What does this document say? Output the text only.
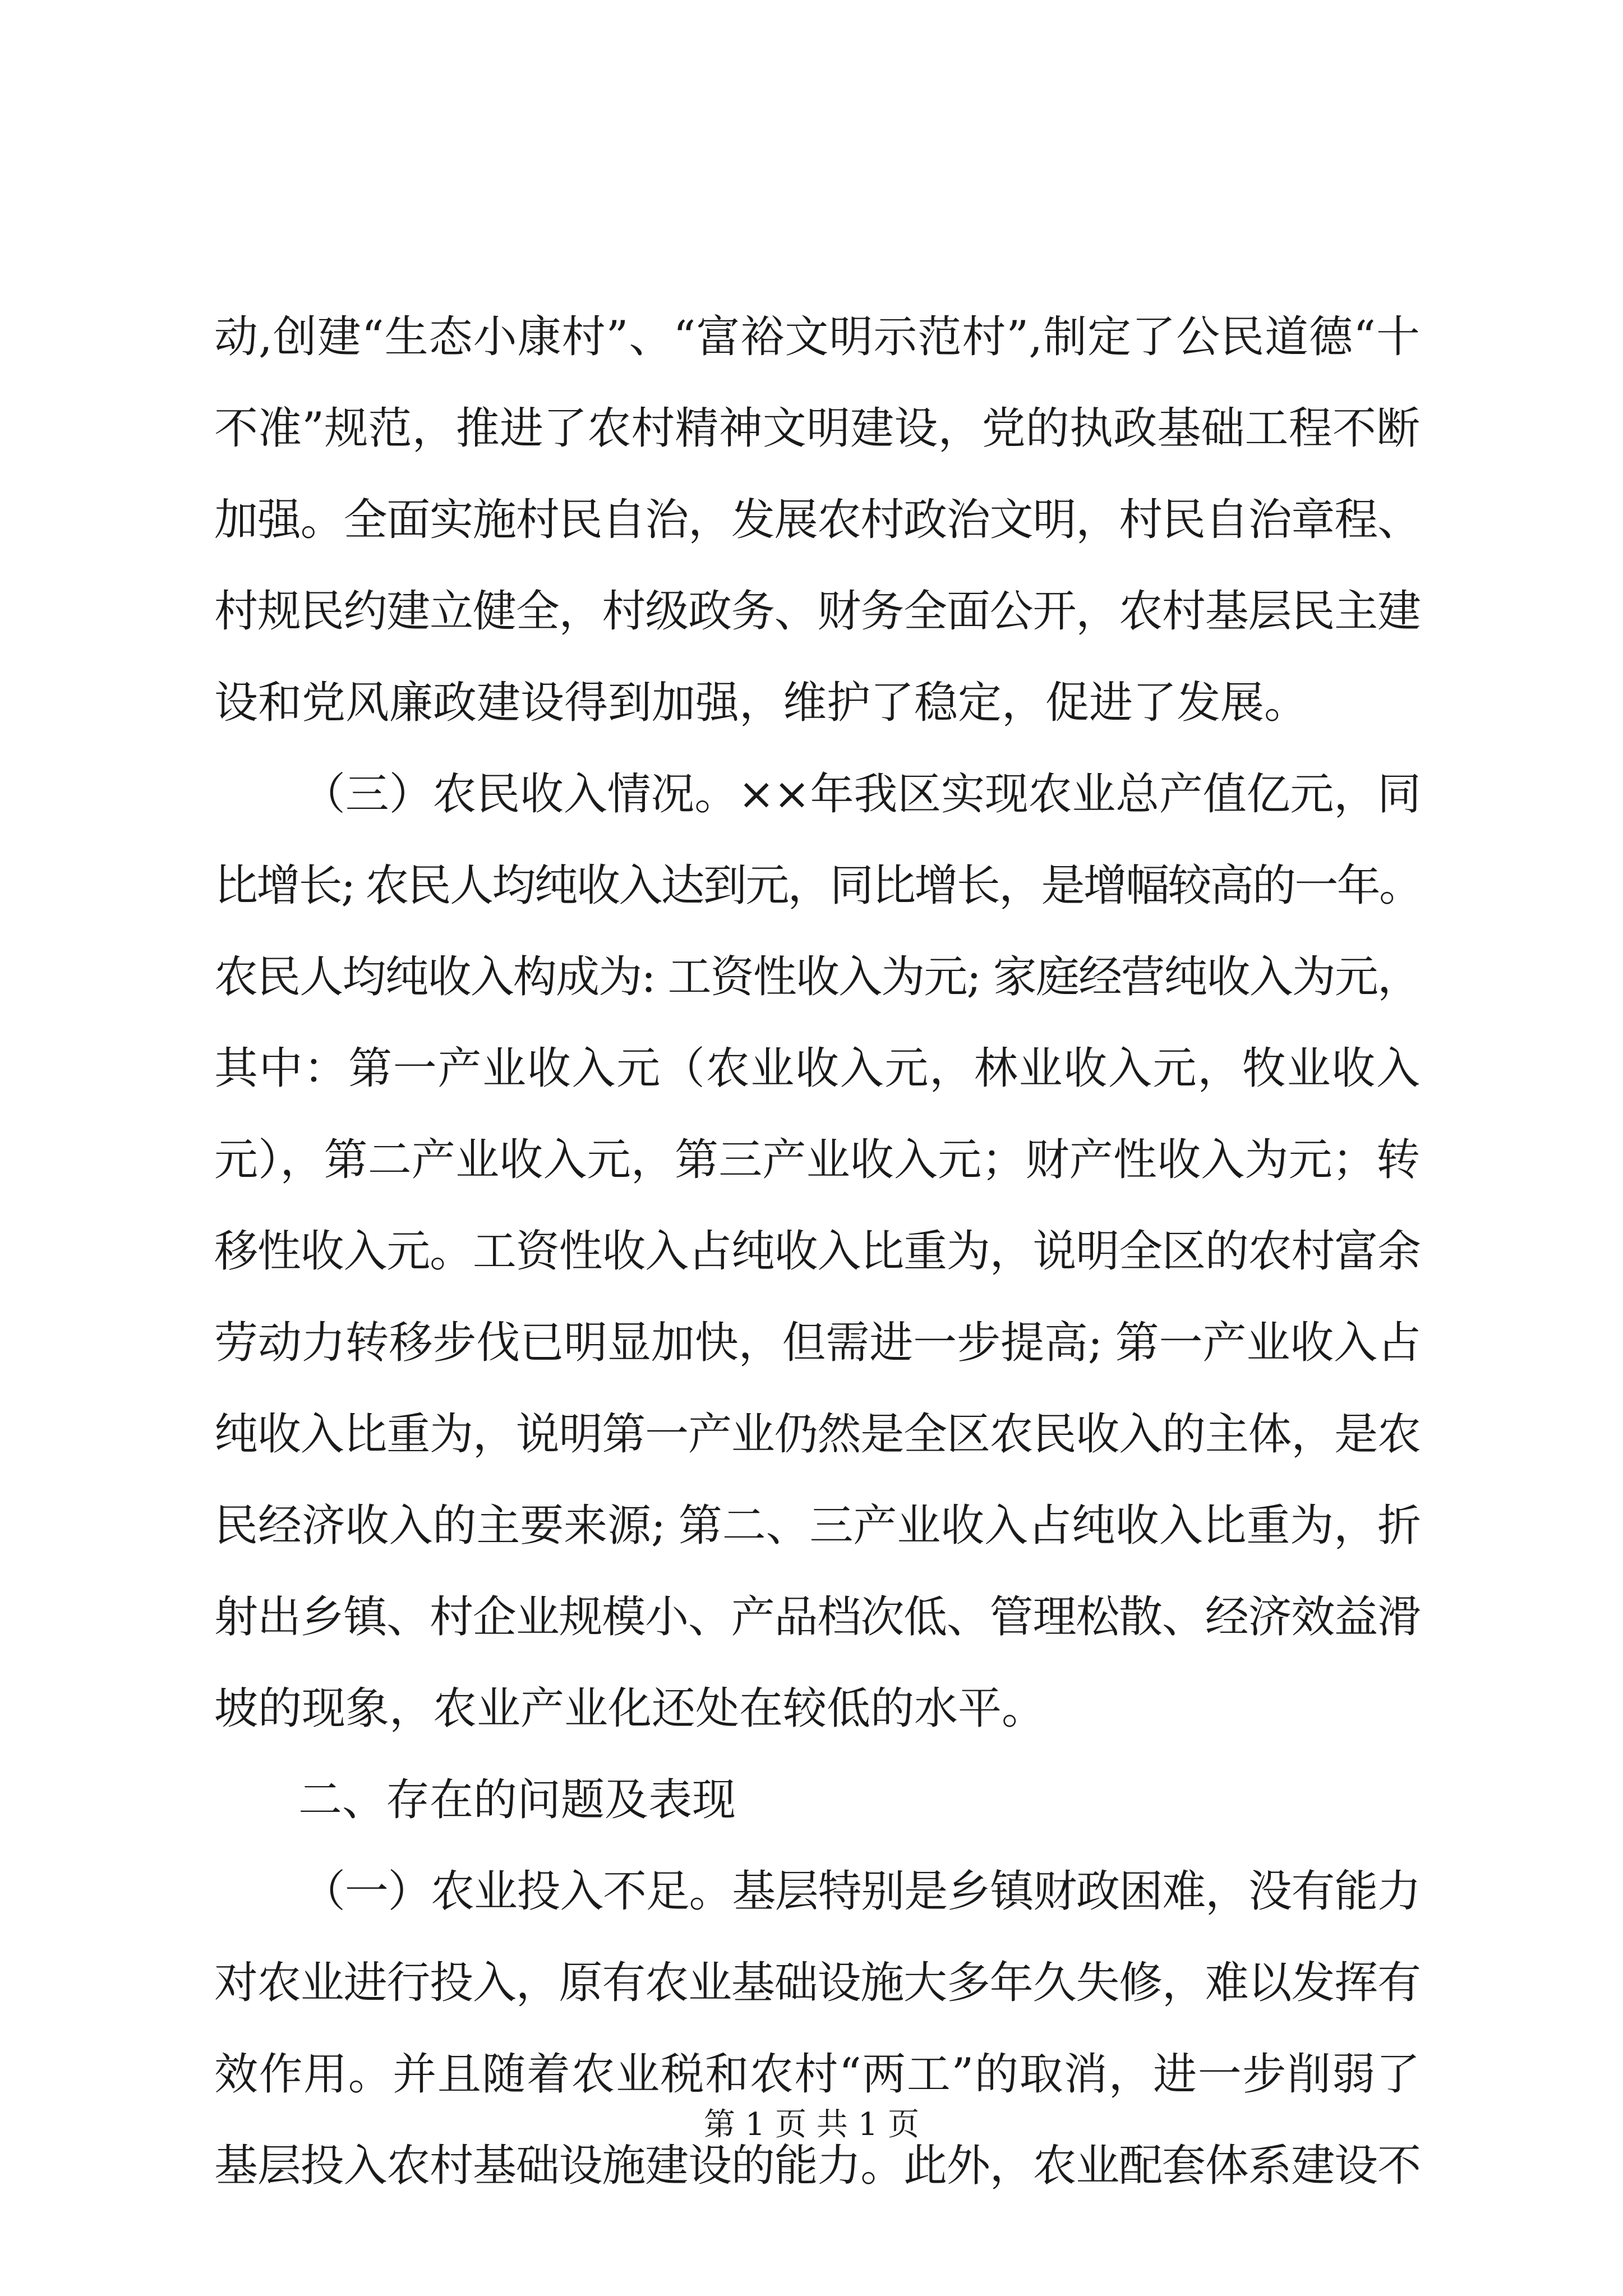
动,创建“生态小康村”、“富裕文明示范村”,制定了公民道德“十
不准”规范，推进了农村精神文明建设，党的执政基础工程不断
加强。全面实施村民自治，发展农村政治文明，村民自治章程、
村规民约建立健全，村级政务、财务全面公开，农村基层民主建
设和党风廉政建设得到加强，维护了稳定，促进了发展。
（三）农民收入情况。××年我区实现农业总产值亿元，同
比增长; 农民人均纯收入达到元，同比增长，是增幅较高的一年。
农民人均纯收入构成为: 工资性收入为元; 家庭经营纯收入为元，
其中：第一产业收入元（农业收入元，林业收入元，牧业收入
元），第二产业收入元，第三产业收入元；财产性收入为元；转
移性收入元。工资性收入占纯收入比重为，说明全区的农村富余
劳动力转移步伐已明显加快，但需进一步提高; 第一产业收入占
纯收入比重为，说明第一产业仍然是全区农民收入的主体，是农
民经济收入的主要来源; 第二、三产业收入占纯收入比重为，折
射出乡镇、村企业规模小、产品档次低、管理松散、经济效益滑
坡的现象，农业产业化还处在较低的水平。
二、存在的问题及表现
（一）农业投入不足。基层特别是乡镇财政困难，没有能力
对农业进行投入，原有农业基础设施大多年久失修，难以发挥有
效作用。并且随着农业税和农村“两工”的取消，进一步削弱了
基层投入农村基础设施建设的能力。此外，农业配套体系建设不
第 1 页 共 1 页
